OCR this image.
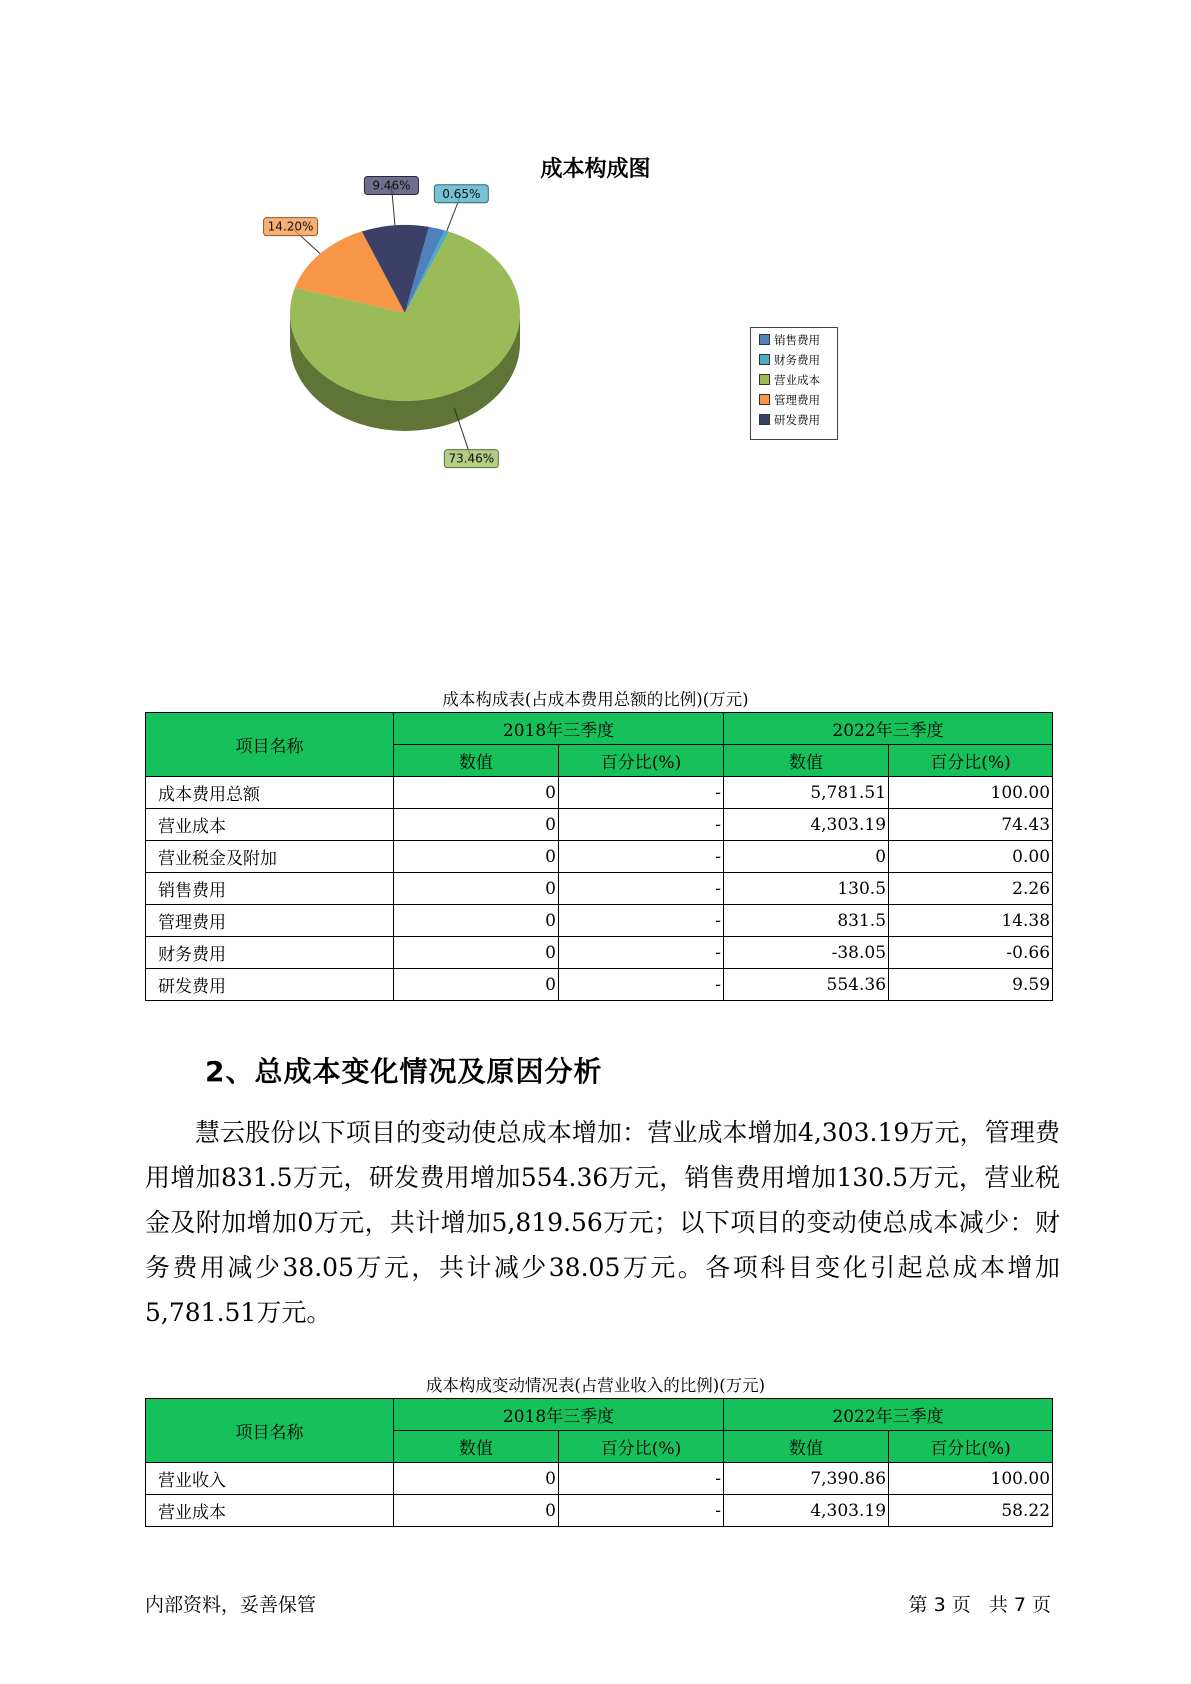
成本构成图
0.65%
73.46%
14.20%
9.46%
销售费用
财务费用
营业成本
管理费用
研发费用
成本构成表(占成本费用总额的比例)(万元)
项目名称	2018年三季度		2022年三季度	
	数值	百分比(%)	数值	百分比(%)
成本费用总额	0	-	5,781.51	100.00
营业成本	0	-	4,303.19	74.43
营业税金及附加	0	-	0	0.00
销售费用	0	-	130.5	2.26
管理费用	0	-	831.5	14.38
财务费用	0	-	-38.05	-0.66
研发费用	0	-	554.36	9.59
2、总成本变化情况及原因分析
慧云股份以下项目的变动使总成本增加：营业成本增加4,303.19万元，管理费用增加831.5万元，研发费用增加554.36万元，销售费用增加130.5万元，营业税金及附加增加0万元，共计增加5,819.56万元；以下项目的变动使总成本减少：财务费用减少38.05万元，共计减少38.05万元。各项科目变化引起总成本增加5,781.51万元。
成本构成变动情况表(占营业收入的比例)(万元)
项目名称	2018年三季度		2022年三季度	
	数值	百分比(%)	数值	百分比(%)
营业收入	0	-	7,390.86	100.00
营业成本	0	-	4,303.19	58.22
内部资料，妥善保管	第 3 页   共 7 页
